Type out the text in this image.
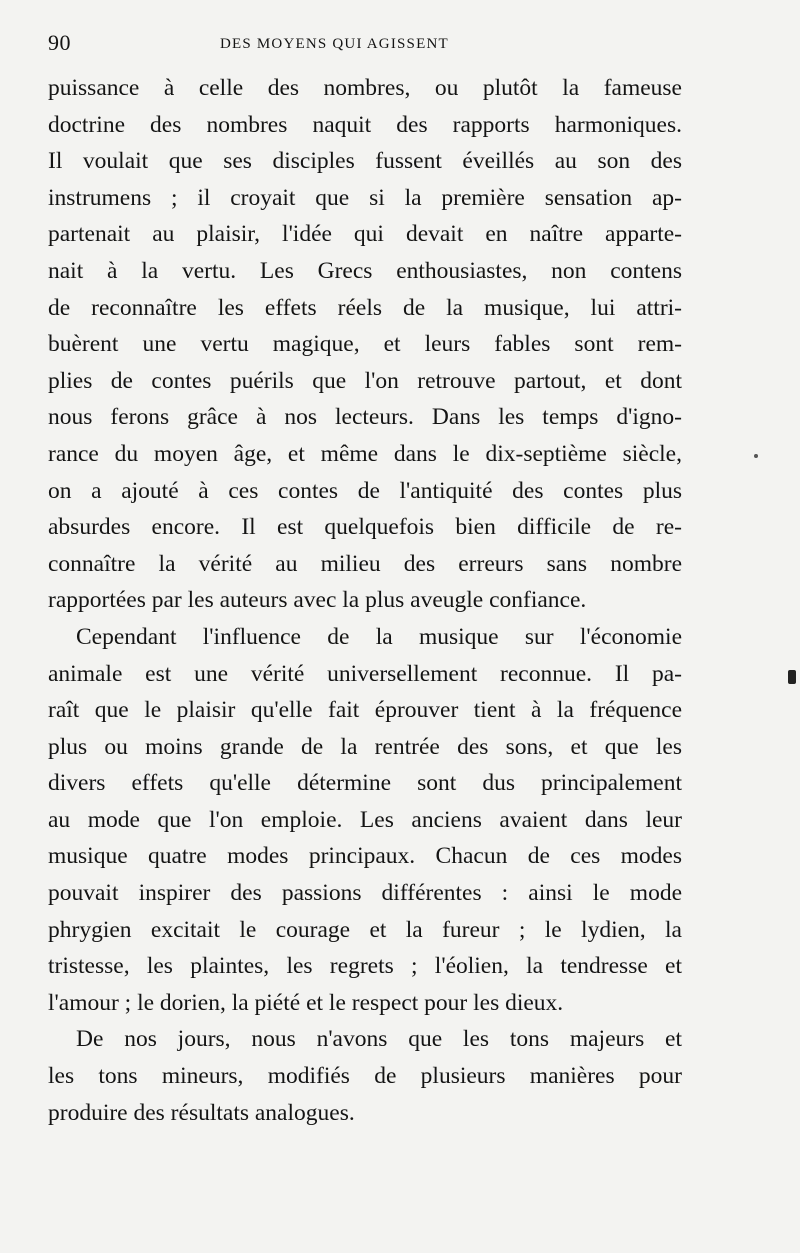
90	DES MOYENS QUI AGISSENT
puissance à celle des nombres, ou plutôt la fameuse
doctrine des nombres naquit des rapports harmoniques.
Il voulait que ses disciples fussent éveillés au son des
instrumens ; il croyait que si la première sensation ap-
partenait au plaisir, l'idée qui devait en naître apparte-
nait à la vertu. Les Grecs enthousiastes, non contens
de reconnaître les effets réels de la musique, lui attri-
buèrent une vertu magique, et leurs fables sont rem-
plies de contes puérils que l'on retrouve partout, et dont
nous ferons grâce à nos lecteurs. Dans les temps d'igno-
rance du moyen âge, et même dans le dix-septième siècle,
on a ajouté à ces contes de l'antiquité des contes plus
absurdes encore. Il est quelquefois bien difficile de re-
connaître la vérité au milieu des erreurs sans nombre
rapportées par les auteurs avec la plus aveugle confiance.
Cependant l'influence de la musique sur l'économie
animale est une vérité universellement reconnue. Il pa-
raît que le plaisir qu'elle fait éprouver tient à la fréquence
plus ou moins grande de la rentrée des sons, et que les
divers effets qu'elle détermine sont dus principalement
au mode que l'on emploie. Les anciens avaient dans leur
musique quatre modes principaux. Chacun de ces modes
pouvait inspirer des passions différentes : ainsi le mode
phrygien excitait le courage et la fureur ; le lydien, la
tristesse, les plaintes, les regrets ; l'éolien, la tendresse et
l'amour ; le dorien, la piété et le respect pour les dieux.
De nos jours, nous n'avons que les tons majeurs et
les tons mineurs, modifiés de plusieurs manières pour
produire des résultats analogues.
